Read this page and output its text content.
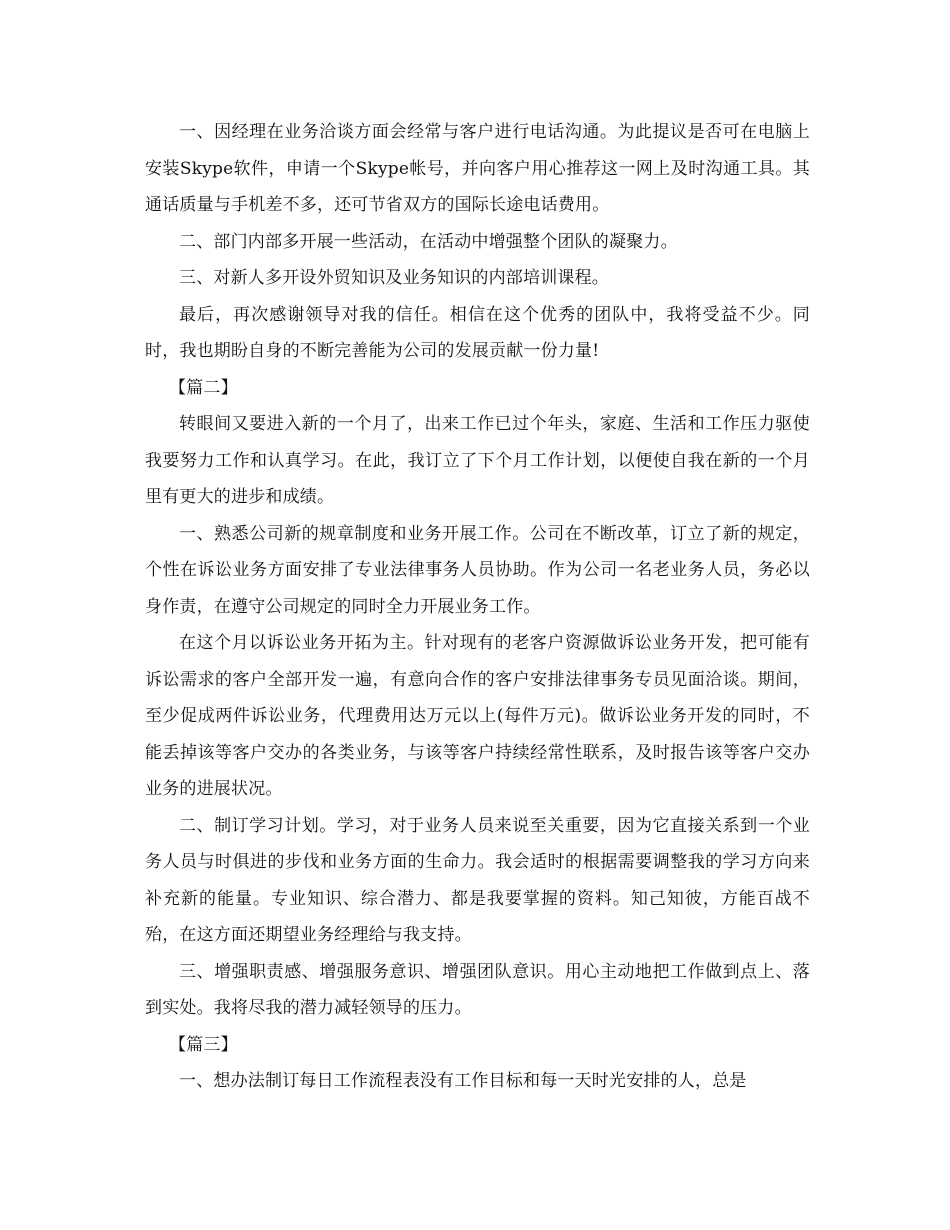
一、因经理在业务洽谈方面会经常与客户进行电话沟通。为此提议是否可在电脑上安装Skype软件，申请一个Skype帐号，并向客户用心推荐这一网上及时沟通工具。其通话质量与手机差不多，还可节省双方的国际长途电话费用。

二、部门内部多开展一些活动，在活动中增强整个团队的凝聚力。

三、对新人多开设外贸知识及业务知识的内部培训课程。

最后，再次感谢领导对我的信任。相信在这个优秀的团队中，我将受益不少。同时，我也期盼自身的不断完善能为公司的发展贡献一份力量!

【篇二】

转眼间又要进入新的一个月了，出来工作已过个年头，家庭、生活和工作压力驱使我要努力工作和认真学习。在此，我订立了下个月工作计划，以便使自我在新的一个月里有更大的进步和成绩。

一、熟悉公司新的规章制度和业务开展工作。公司在不断改革，订立了新的规定，个性在诉讼业务方面安排了专业法律事务人员协助。作为公司一名老业务人员，务必以身作责，在遵守公司规定的同时全力开展业务工作。

在这个月以诉讼业务开拓为主。针对现有的老客户资源做诉讼业务开发，把可能有诉讼需求的客户全部开发一遍，有意向合作的客户安排法律事务专员见面洽谈。期间，至少促成两件诉讼业务，代理费用达万元以上(每件万元)。做诉讼业务开发的同时，不能丢掉该等客户交办的各类业务，与该等客户持续经常性联系，及时报告该等客户交办业务的进展状况。

二、制订学习计划。学习，对于业务人员来说至关重要，因为它直接关系到一个业务人员与时俱进的步伐和业务方面的生命力。我会适时的根据需要调整我的学习方向来补充新的能量。专业知识、综合潜力、都是我要掌握的资料。知己知彼，方能百战不殆，在这方面还期望业务经理给与我支持。

三、增强职责感、增强服务意识、增强团队意识。用心主动地把工作做到点上、落到实处。我将尽我的潜力减轻领导的压力。

【篇三】

一、想办法制订每日工作流程表没有工作目标和每一天时光安排的人，总是
